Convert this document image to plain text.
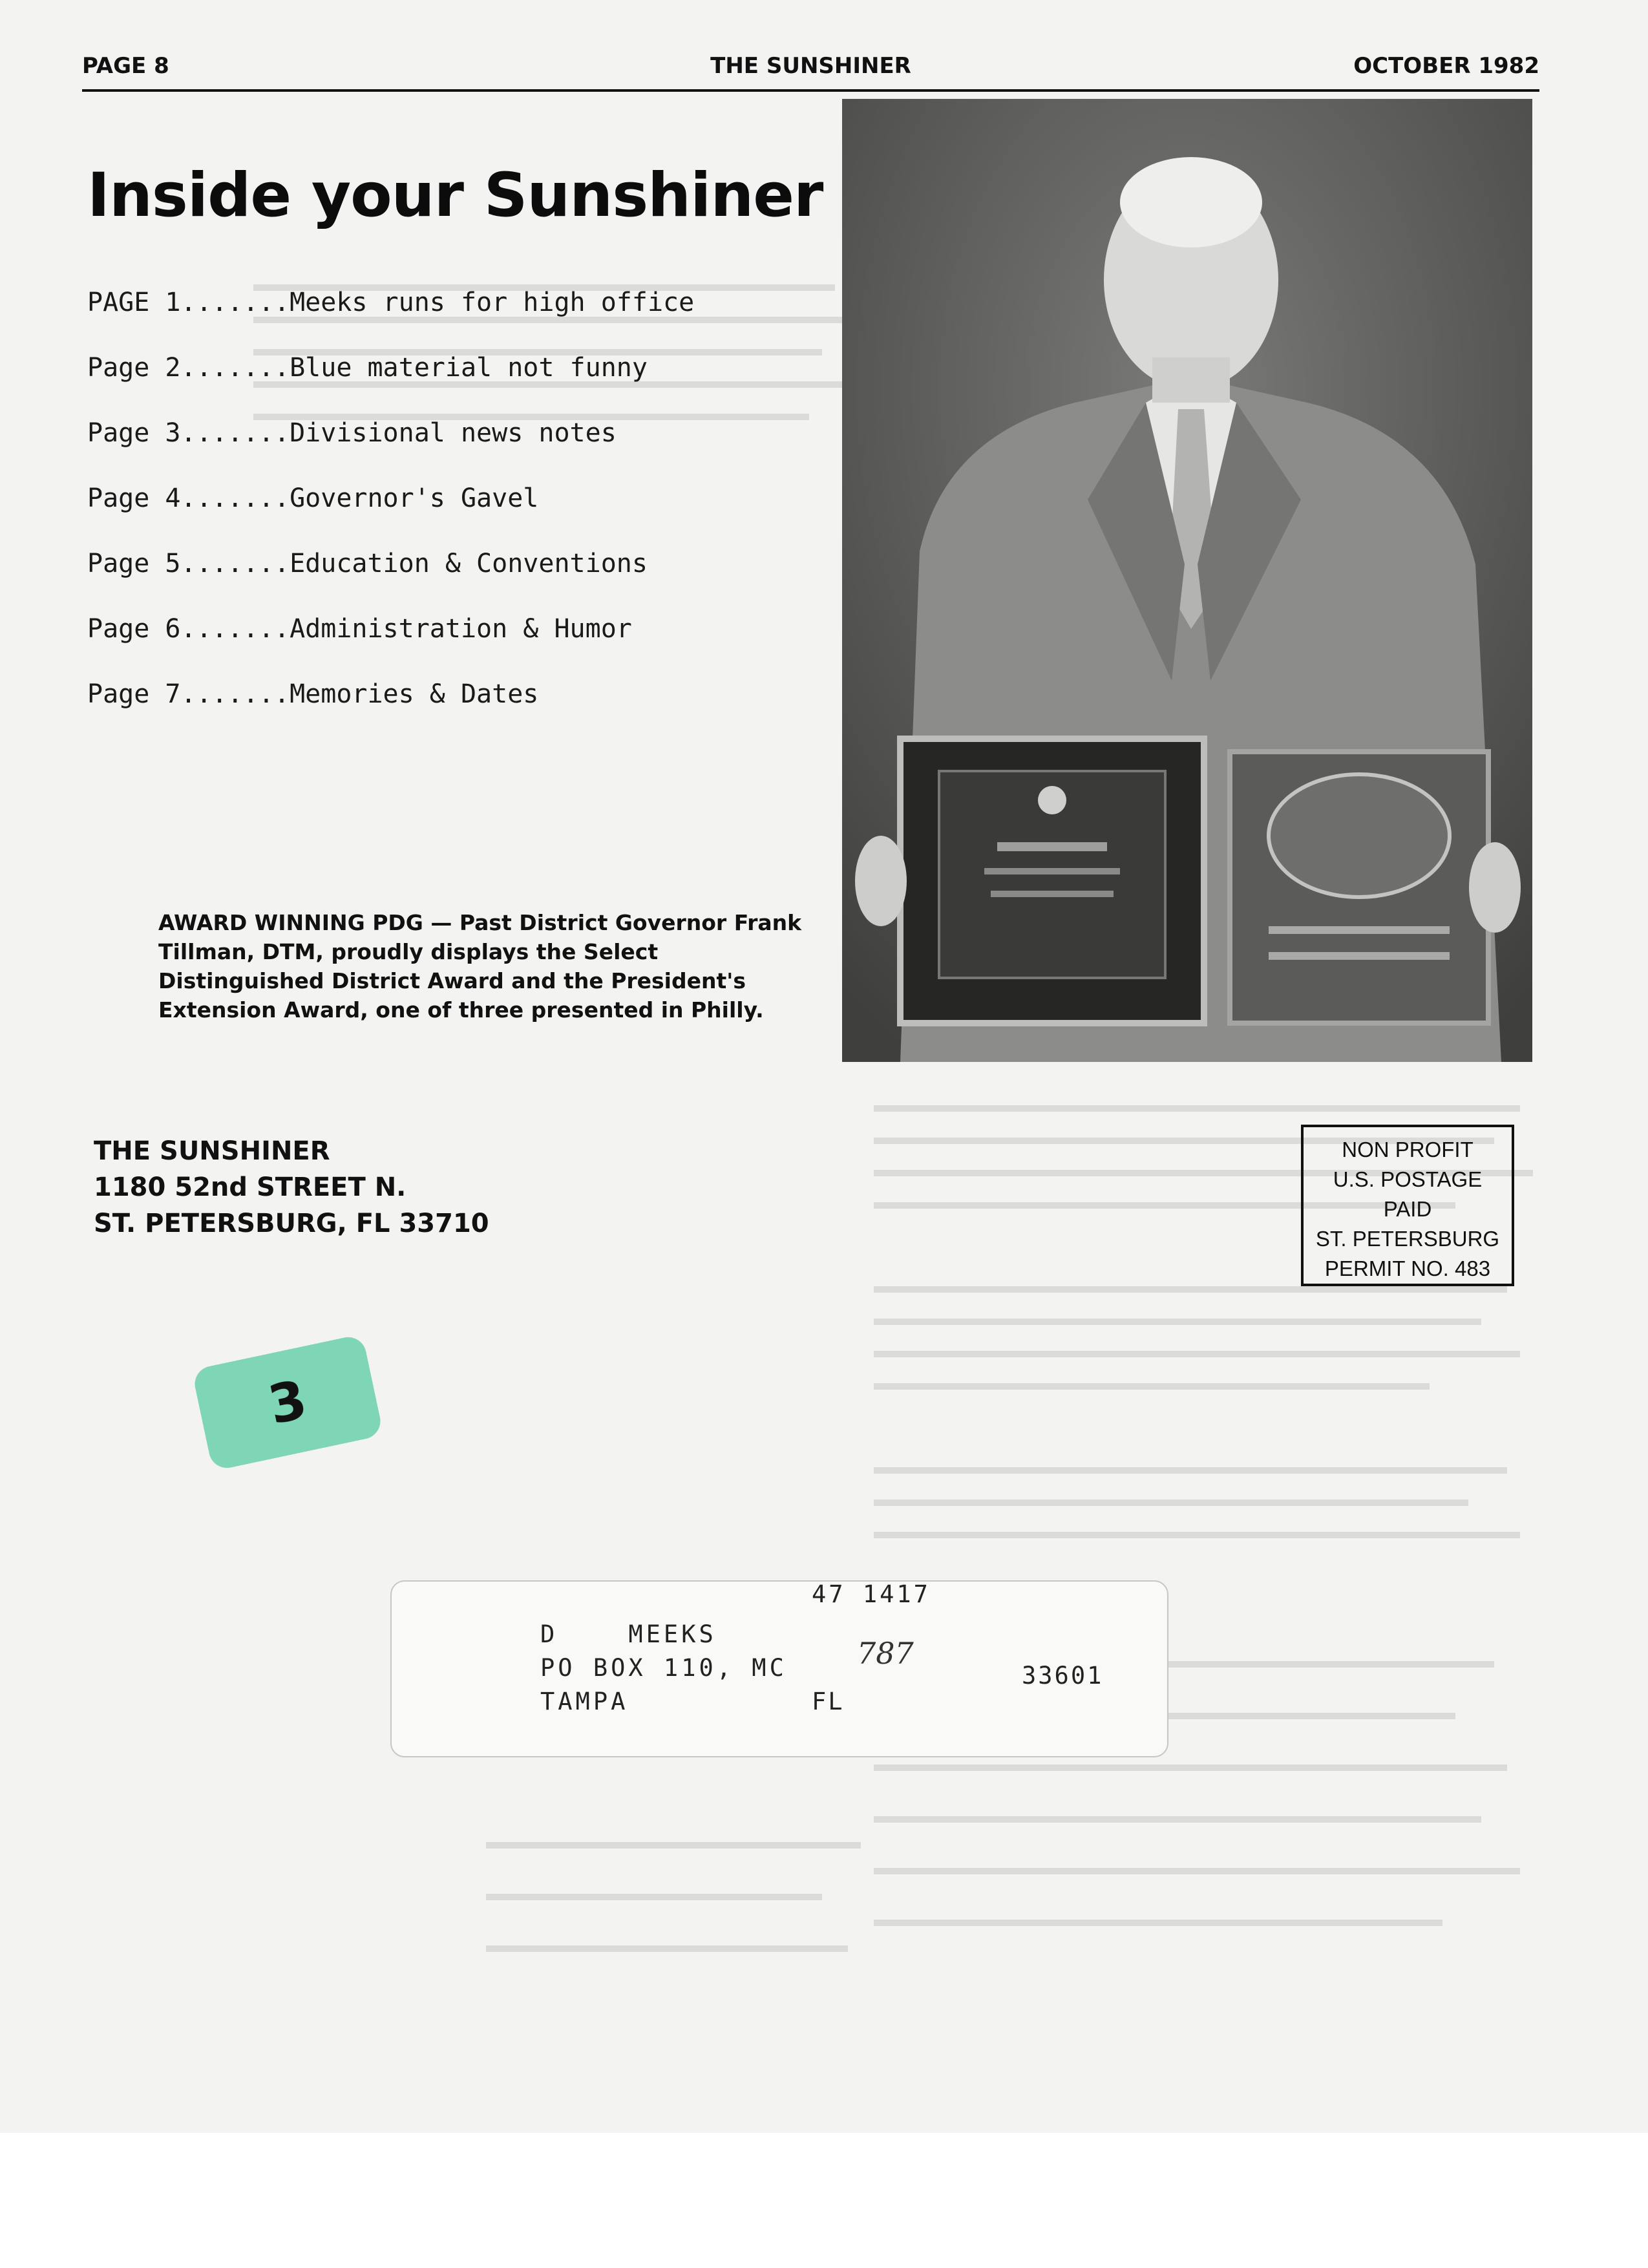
PAGE 8	THE SUNSHINER	OCTOBER 1982
Inside your Sunshiner
PAGE 1.......Meeks runs for high office
Page 2.......Blue material not funny
Page 3.......Divisional news notes
Page 4.......Governor's Gavel
Page 5.......Education & Conventions
Page 6.......Administration & Humor
Page 7.......Memories & Dates
AWARD WINNING PDG — Past District Governor Frank Tillman, DTM, proudly displays the Select Distinguished District Award and the President's Extension Award, one of three presented in Philly.
THE SUNSHINER
1180 52nd STREET N.
ST. PETERSBURG, FL 33710
NON PROFIT
U.S. POSTAGE
PAID
ST. PETERSBURG
PERMIT NO. 483
3
47 1417
D    MEEKS
PO BOX 110, MC 787
TAMPA	FL
33601
